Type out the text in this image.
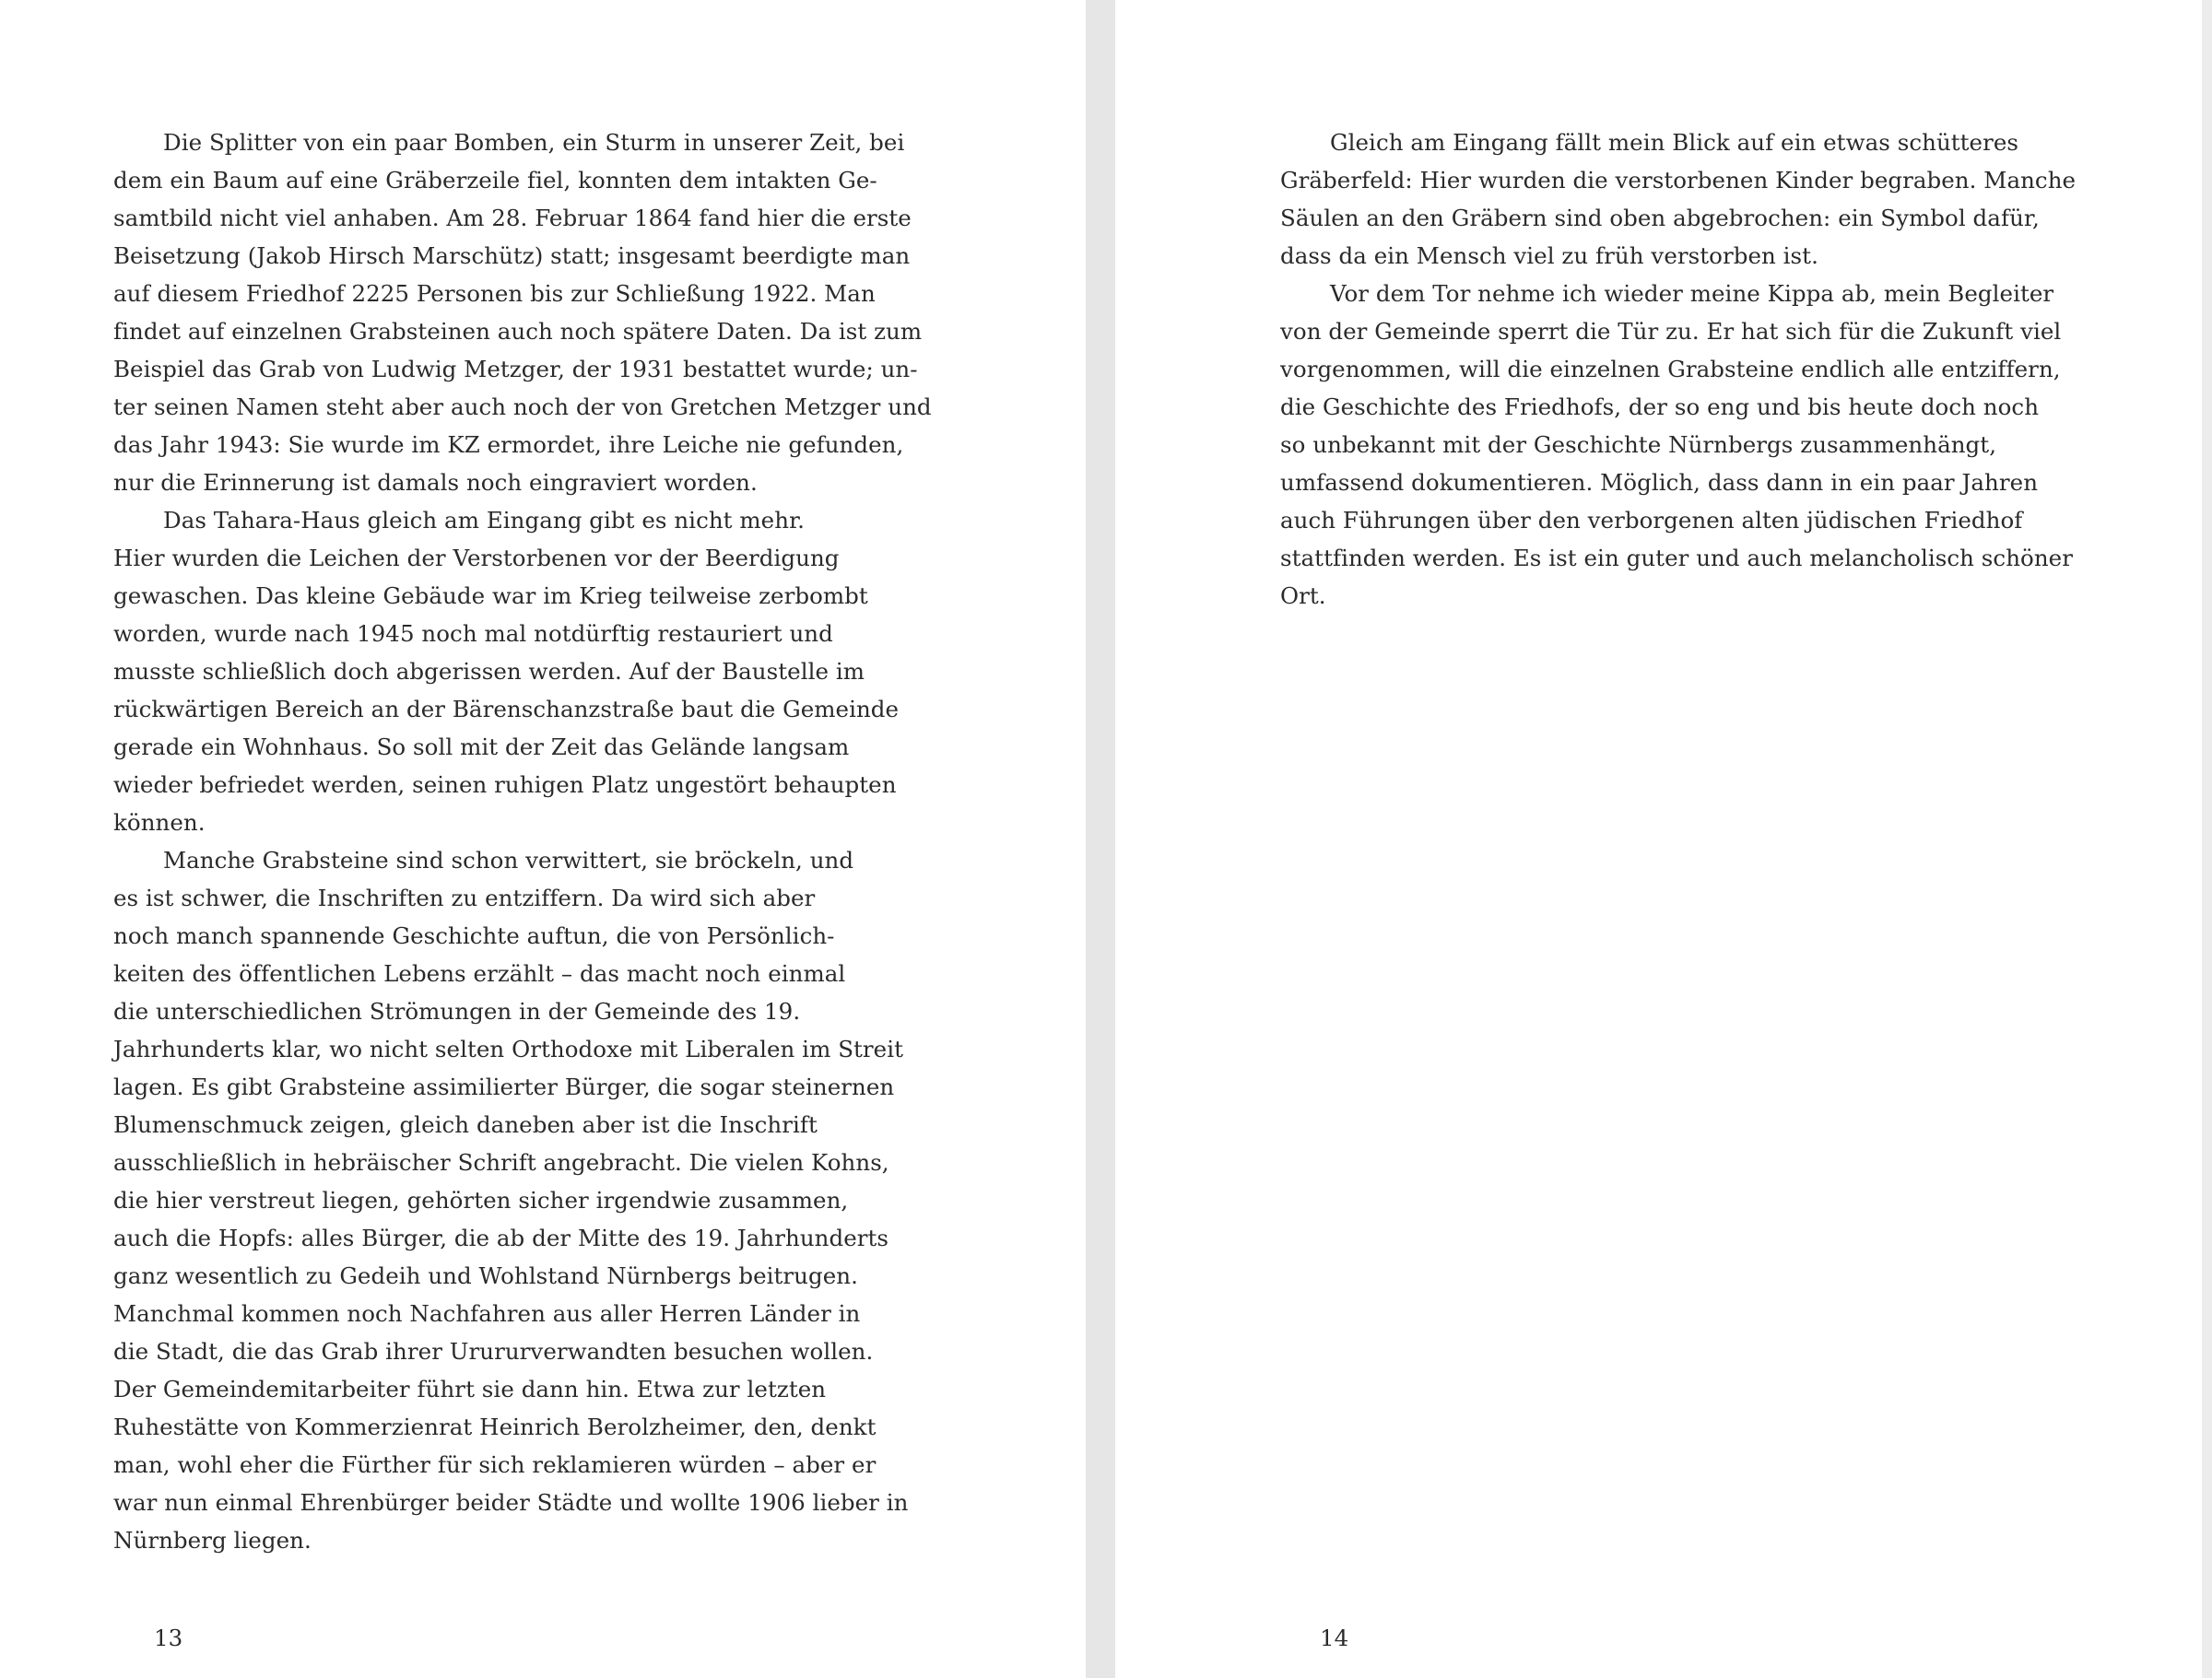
Die Splitter von ein paar Bomben, ein Sturm in unserer Zeit, bei
dem ein Baum auf eine Gräberzeile fiel, konnten dem intakten Ge-
samtbild nicht viel anhaben. Am 28. Februar 1864 fand hier die erste
Beisetzung (Jakob Hirsch Marschütz) statt; insgesamt beerdigte man
auf diesem Friedhof 2225 Personen bis zur Schließung 1922. Man
findet auf einzelnen Grabsteinen auch noch spätere Daten. Da ist zum
Beispiel das Grab von Ludwig Metzger, der 1931 bestattet wurde; un-
ter seinen Namen steht aber auch noch der von Gretchen Metzger und
das Jahr 1943: Sie wurde im KZ ermordet, ihre Leiche nie gefunden,
nur die Erinnerung ist damals noch eingraviert worden.
Das Tahara-Haus gleich am Eingang gibt es nicht mehr.
Hier wurden die Leichen der Verstorbenen vor der Beerdigung
gewaschen. Das kleine Gebäude war im Krieg teilweise zerbombt
worden, wurde nach 1945 noch mal notdürftig restauriert und
musste schließlich doch abgerissen werden. Auf der Baustelle im
rückwärtigen Bereich an der Bärenschanzstraße baut die Gemeinde
gerade ein Wohnhaus. So soll mit der Zeit das Gelände langsam
wieder befriedet werden, seinen ruhigen Platz ungestört behaupten
können.
Manche Grabsteine sind schon verwittert, sie bröckeln, und
es ist schwer, die Inschriften zu entziffern. Da wird sich aber
noch manch spannende Geschichte auftun, die von Persönlich-
keiten des öffentlichen Lebens erzählt – das macht noch einmal
die unterschiedlichen Strömungen in der Gemeinde des 19.
Jahrhunderts klar, wo nicht selten Orthodoxe mit Liberalen im Streit
lagen. Es gibt Grabsteine assimilierter Bürger, die sogar steinernen
Blumenschmuck zeigen, gleich daneben aber ist die Inschrift
ausschließlich in hebräischer Schrift angebracht. Die vielen Kohns,
die hier verstreut liegen, gehörten sicher irgendwie zusammen,
auch die Hopfs: alles Bürger, die ab der Mitte des 19. Jahrhunderts
ganz wesentlich zu Gedeih und Wohlstand Nürnbergs beitrugen.
Manchmal kommen noch Nachfahren aus aller Herren Länder in
die Stadt, die das Grab ihrer Urururverwandten besuchen wollen.
Der Gemeindemitarbeiter führt sie dann hin. Etwa zur letzten
Ruhestätte von Kommerzienrat Heinrich Berolzheimer, den, denkt
man, wohl eher die Fürther für sich reklamieren würden – aber er
war nun einmal Ehrenbürger beider Städte und wollte 1906 lieber in
Nürnberg liegen.
13
Gleich am Eingang fällt mein Blick auf ein etwas schütteres
Gräberfeld: Hier wurden die verstorbenen Kinder begraben. Manche
Säulen an den Gräbern sind oben abgebrochen: ein Symbol dafür,
dass da ein Mensch viel zu früh verstorben ist.
Vor dem Tor nehme ich wieder meine Kippa ab, mein Begleiter
von der Gemeinde sperrt die Tür zu. Er hat sich für die Zukunft viel
vorgenommen, will die einzelnen Grabsteine endlich alle entziffern,
die Geschichte des Friedhofs, der so eng und bis heute doch noch
so unbekannt mit der Geschichte Nürnbergs zusammenhängt,
umfassend dokumentieren. Möglich, dass dann in ein paar Jahren
auch Führungen über den verborgenen alten jüdischen Friedhof
stattfinden werden. Es ist ein guter und auch melancholisch schöner
Ort.
14
